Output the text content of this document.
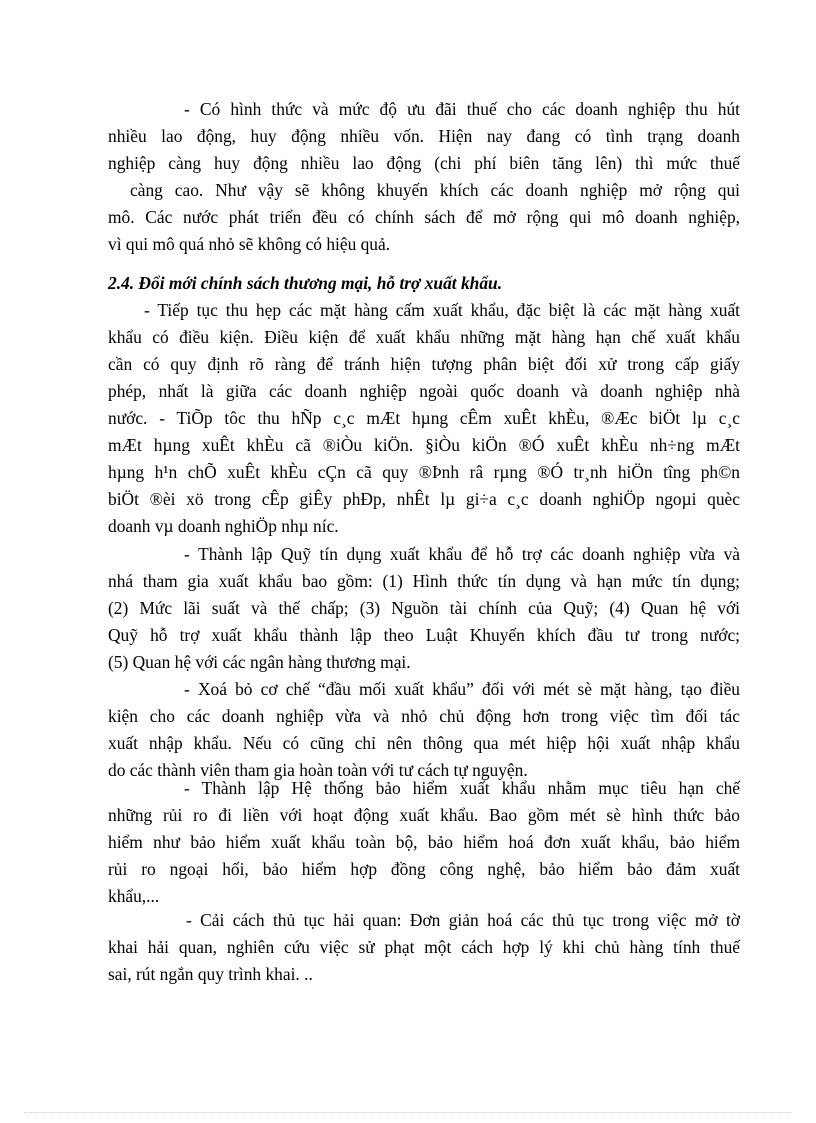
- Có hình thức và mức độ ưu đãi thuế cho các doanh nghiệp thu hút
nhiều lao động, huy động nhiều vốn. Hiện nay đang có tình trạng doanh
nghiệp càng huy động nhiều lao động (chi phí biên tăng lên) thì mức thuế
càng cao. Như vậy sẽ không khuyến khích các doanh nghiệp mở rộng qui
mô. Các nước phát triển đều có chính sách để mở rộng qui mô doanh nghiệp,
vì qui mô quá nhỏ sẽ không có hiệu quả.
2.4. Đổi mới chính sách thương mại, hỗ trợ xuất khẩu.
- Tiếp tục thu hẹp các mặt hàng cấm xuất khẩu, đặc biệt là các mặt hàng xuất
khẩu có điều kiện. Điều kiện để xuất khẩu những mặt hàng hạn chế xuất khẩu
cần có quy định rõ ràng để tránh hiện tượng phân biệt đối xử trong cấp giấy
phép, nhất là giữa các doanh nghiệp ngoài quốc doanh và doanh nghiệp nhà
nước. - TiÕp tôc thu hÑp c¸c mÆt hµng cÊm xuÊt khÈu, ®Æc biÖt lµ c¸c
mÆt hµng xuÊt khÈu cã ®iÒu kiÖn. §iÒu kiÖn ®Ó xuÊt khÈu nh÷ng mÆt
hµng h¹n chÕ xuÊt khÈu cÇn cã quy ®Þnh râ rµng ®Ó tr¸nh hiÖn tîng ph©n
biÖt ®èi xö trong cÊp giÊy phÐp, nhÊt lµ gi÷a c¸c doanh nghiÖp ngoµi quèc
doanh vµ doanh nghiÖp nhµ níc.
- Thành lập Quỹ tín dụng xuất khẩu để hỗ trợ các doanh nghiệp vừa và
nhá tham gia xuất khẩu bao gồm: (1) Hình thức tín dụng và hạn mức tín dụng;
(2) Mức lãi suất và thế chấp; (3) Nguồn tài chính của Quỹ; (4) Quan hệ với
Quỹ hỗ trợ xuất khẩu thành lập theo Luật Khuyến khích đầu tư trong nước;
(5) Quan hệ với các ngân hàng thương mại.
- Xoá bỏ cơ chế “đầu mối xuất khẩu” đối với mét sè mặt hàng, tạo điều
kiện cho các doanh nghiệp vừa và nhỏ chủ động hơn trong việc tìm đối tác
xuất nhập khẩu. Nếu có cũng chỉ nên thông qua mét hiệp hội xuất nhập khẩu
do các thành viên tham gia hoàn toàn với tư cách tự nguyện.
- Thành lập Hệ thống bảo hiểm xuất khẩu nhằm mục tiêu hạn chế
những rủi ro đi liền với hoạt động xuất khẩu. Bao gồm mét sè hình thức bảo
hiểm như bảo hiểm xuất khẩu toàn bộ, bảo hiểm hoá đơn xuất khẩu, bảo hiểm
rủi ro ngoại hối, bảo hiểm hợp đồng công nghệ, bảo hiểm bảo đảm xuất
khẩu,...
- Cải cách thủ tục hải quan: Đơn giản hoá các thủ tục trong việc mở tờ
khai hải quan, nghiên cứu việc sử phạt một cách hợp lý khi chủ hàng tính thuế
sai, rút ngắn quy trình khai. ..
